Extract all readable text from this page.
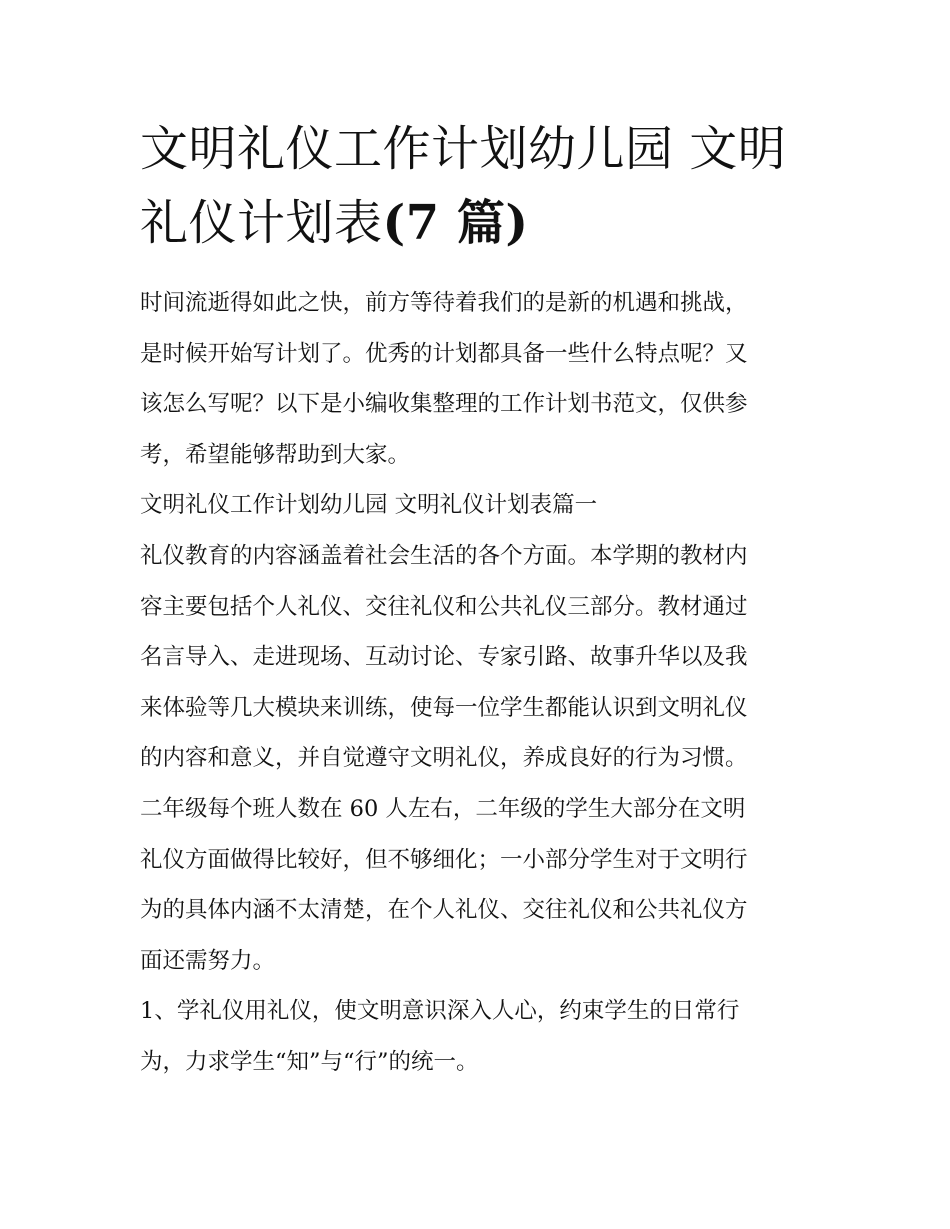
文明礼仪工作计划幼儿园 文明
礼仪计划表(7 篇)
时间流逝得如此之快，前方等待着我们的是新的机遇和挑战，
是时候开始写计划了。优秀的计划都具备一些什么特点呢？又
该怎么写呢？以下是小编收集整理的工作计划书范文，仅供参
考，希望能够帮助到大家。
文明礼仪工作计划幼儿园 文明礼仪计划表篇一
礼仪教育的内容涵盖着社会生活的各个方面。本学期的教材内
容主要包括个人礼仪、交往礼仪和公共礼仪三部分。教材通过
名言导入、走进现场、互动讨论、专家引路、故事升华以及我
来体验等几大模块来训练，使每一位学生都能认识到文明礼仪
的内容和意义，并自觉遵守文明礼仪，养成良好的行为习惯。
二年级每个班人数在 60 人左右，二年级的学生大部分在文明
礼仪方面做得比较好，但不够细化；一小部分学生对于文明行
为的具体内涵不太清楚，在个人礼仪、交往礼仪和公共礼仪方
面还需努力。
1、学礼仪用礼仪，使文明意识深入人心，约束学生的日常行
为，力求学生“知”与“行”的统一。
